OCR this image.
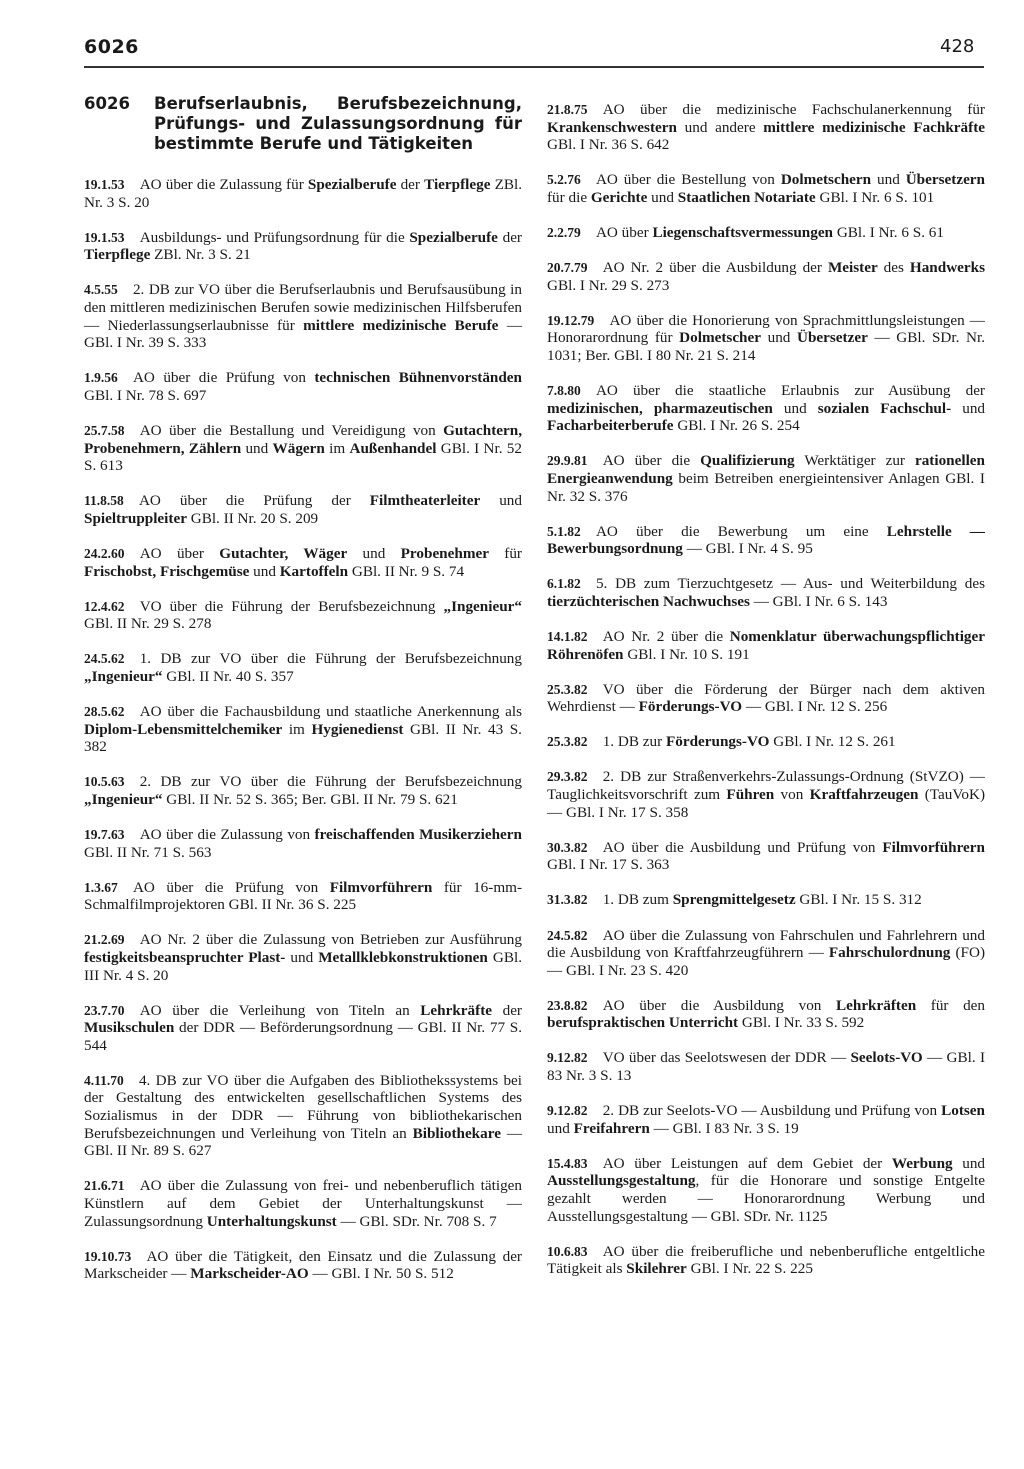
6026	428
6026	Berufserlaubnis, Berufsbezeichnung, Prüfungs- und Zulassungsordnung für bestimmte Berufe und Tätigkeiten
19.1.53  AO über die Zulassung für Spezialberufe der Tierpflege ZBl. Nr. 3 S. 20
19.1.53  Ausbildungs- und Prüfungsordnung für die Spezialberufe der Tierpflege ZBl. Nr. 3 S. 21
4.5.55  2. DB zur VO über die Berufserlaubnis und Berufsausübung in den mittleren medizinischen Berufen sowie medizinischen Hilfsberufen — Niederlassungserlaubnisse für mittlere medizinische Berufe — GBl. I Nr. 39 S. 333
1.9.56  AO über die Prüfung von technischen Bühnenvorständen GBl. I Nr. 78 S. 697
25.7.58  AO über die Bestallung und Vereidigung von Gutachtern, Probenehmern, Zählern und Wägern im Außenhandel GBl. I Nr. 52 S. 613
11.8.58  AO über die Prüfung der Filmtheaterleiter und Spieltruppleiter GBl. II Nr. 20 S. 209
24.2.60  AO über Gutachter, Wäger und Probenehmer für Frischobst, Frischgemüse und Kartoffeln GBl. II Nr. 9 S. 74
12.4.62  VO über die Führung der Berufsbezeichnung „Ingenieur“ GBl. II Nr. 29 S. 278
24.5.62  1. DB zur VO über die Führung der Berufsbezeichnung „Ingenieur“ GBl. II Nr. 40 S. 357
28.5.62  AO über die Fachausbildung und staatliche Anerkennung als Diplom-Lebensmittelchemiker im Hygienedienst GBl. II Nr. 43 S. 382
10.5.63  2. DB zur VO über die Führung der Berufsbezeichnung „Ingenieur“ GBl. II Nr. 52 S. 365; Ber. GBl. II Nr. 79 S. 621
19.7.63  AO über die Zulassung von freischaffenden Musikerziehern GBl. II Nr. 71 S. 563
1.3.67  AO über die Prüfung von Filmvorführern für 16-mm-Schmalfilmprojektoren GBl. II Nr. 36 S. 225
21.2.69  AO Nr. 2 über die Zulassung von Betrieben zur Ausführung festigkeitsbeanspruchter Plast- und Metallklebkonstruktionen GBl. III Nr. 4 S. 20
23.7.70  AO über die Verleihung von Titeln an Lehrkräfte der Musikschulen der DDR — Beförderungsordnung — GBl. II Nr. 77 S. 544
4.11.70  4. DB zur VO über die Aufgaben des Bibliothekssystems bei der Gestaltung des entwickelten gesellschaftlichen Systems des Sozialismus in der DDR — Führung von bibliothekarischen Berufsbezeichnungen und Verleihung von Titeln an Bibliothekare — GBl. II Nr. 89 S. 627
21.6.71  AO über die Zulassung von frei- und nebenberuflich tätigen Künstlern auf dem Gebiet der Unterhaltungskunst — Zulassungsordnung Unterhaltungskunst — GBl. SDr. Nr. 708 S. 7
19.10.73  AO über die Tätigkeit, den Einsatz und die Zulassung der Markscheider — Markscheider-AO — GBl. I Nr. 50 S. 512
21.8.75  AO über die medizinische Fachschulanerkennung für Krankenschwestern und andere mittlere medizinische Fachkräfte GBl. I Nr. 36 S. 642
5.2.76  AO über die Bestellung von Dolmetschern und Übersetzern für die Gerichte und Staatlichen Notariate GBl. I Nr. 6 S. 101
2.2.79  AO über Liegenschaftsvermessungen GBl. I Nr. 6 S. 61
20.7.79  AO Nr. 2 über die Ausbildung der Meister des Handwerks GBl. I Nr. 29 S. 273
19.12.79  AO über die Honorierung von Sprachmittlungsleistungen — Honorarordnung für Dolmetscher und Übersetzer — GBl. SDr. Nr. 1031; Ber. GBl. I 80 Nr. 21 S. 214
7.8.80  AO über die staatliche Erlaubnis zur Ausübung der medizinischen, pharmazeutischen und sozialen Fachschul- und Facharbeiterberufe GBl. I Nr. 26 S. 254
29.9.81  AO über die Qualifizierung Werktätiger zur rationellen Energieanwendung beim Betreiben energieintensiver Anlagen GBl. I Nr. 32 S. 376
5.1.82  AO über die Bewerbung um eine Lehrstelle — Bewerbungsordnung — GBl. I Nr. 4 S. 95
6.1.82  5. DB zum Tierzuchtgesetz — Aus- und Weiterbildung des tierzüchterischen Nachwuchses — GBl. I Nr. 6 S. 143
14.1.82  AO Nr. 2 über die Nomenklatur überwachungspflichtiger Röhrenöfen GBl. I Nr. 10 S. 191
25.3.82  VO über die Förderung der Bürger nach dem aktiven Wehrdienst — Förderungs-VO — GBl. I Nr. 12 S. 256
25.3.82  1. DB zur Förderungs-VO GBl. I Nr. 12 S. 261
29.3.82  2. DB zur Straßenverkehrs-Zulassungs-Ordnung (StVZO) — Tauglichkeitsvorschrift zum Führen von Kraftfahrzeugen (TauVoK) — GBl. I Nr. 17 S. 358
30.3.82  AO über die Ausbildung und Prüfung von Filmvorführern GBl. I Nr. 17 S. 363
31.3.82  1. DB zum Sprengmittelgesetz GBl. I Nr. 15 S. 312
24.5.82  AO über die Zulassung von Fahrschulen und Fahrlehrern und die Ausbildung von Kraftfahrzeugführern — Fahrschulordnung (FO) — GBl. I Nr. 23 S. 420
23.8.82  AO über die Ausbildung von Lehrkräften für den berufspraktischen Unterricht GBl. I Nr. 33 S. 592
9.12.82  VO über das Seelotswesen der DDR — Seelots-VO — GBl. I 83 Nr. 3 S. 13
9.12.82  2. DB zur Seelots-VO — Ausbildung und Prüfung von Lotsen und Freifahrern — GBl. I 83 Nr. 3 S. 19
15.4.83  AO über Leistungen auf dem Gebiet der Werbung und Ausstellungsgestaltung, für die Honorare und sonstige Entgelte gezahlt werden — Honorarordnung Werbung und Ausstellungsgestaltung — GBl. SDr. Nr. 1125
10.6.83  AO über die freiberufliche und nebenberufliche entgeltliche Tätigkeit als Skilehrer GBl. I Nr. 22 S. 225
